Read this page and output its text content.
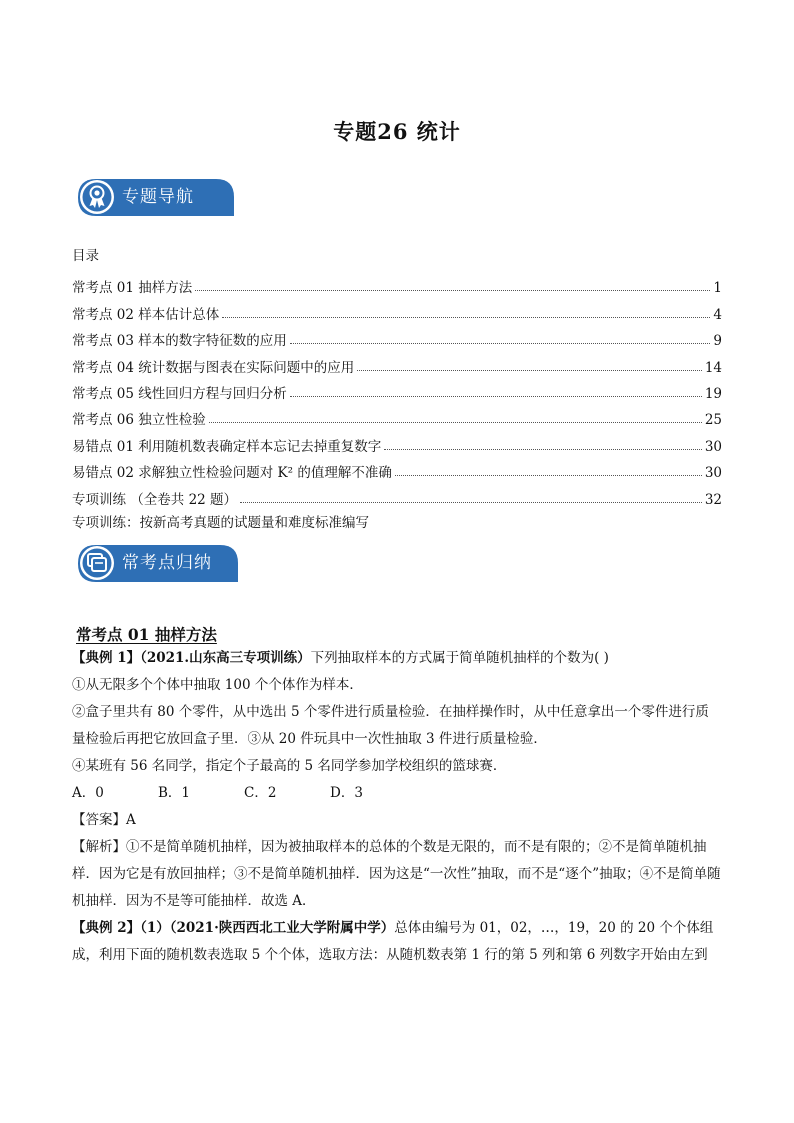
专题26 统计
专题导航
目录
常考点 01 抽样方法	1
常考点 02 样本估计总体	4
常考点 03 样本的数字特征数的应用	9
常考点 04 统计数据与图表在实际问题中的应用	14
常考点 05 线性回归方程与回归分析	19
常考点 06 独立性检验	25
易错点 01 利用随机数表确定样本忘记去掉重复数字	30
易错点 02 求解独立性检验问题对 K² 的值理解不准确	30
专项训练 （全卷共 22 题）	32
专项训练：按新高考真题的试题量和难度标准编写
常考点归纳
常考点 01 抽样方法

【典例 1】（2021.山东高三专项训练）下列抽取样本的方式属于简单随机抽样的个数为( )

①从无限多个个体中抽取 100 个个体作为样本．

②盒子里共有 80 个零件，从中选出 5 个零件进行质量检验．在抽样操作时，从中任意拿出一个零件进行质量检验后再把它放回盒子里．③从 20 件玩具中一次性抽取 3 件进行质量检验．

④某班有 56 名同学，指定个子最高的 5 名同学参加学校组织的篮球赛．

A．0	B．1	C．2	D．3

【答案】A

【解析】①不是简单随机抽样，因为被抽取样本的总体的个数是无限的，而不是有限的；②不是简单随机抽样．因为它是有放回抽样；③不是简单随机抽样．因为这是“一次性”抽取，而不是“逐个”抽取；④不是简单随机抽样．因为不是等可能抽样．故选 A．

【典例 2】（1）（2021·陕西西北工业大学附属中学）总体由编号为 01，02，…，19，20 的 20 个个体组成，利用下面的随机数表选取 5 个个体，选取方法：从随机数表第 1 行的第 5 列和第 6 列数字开始由左到
